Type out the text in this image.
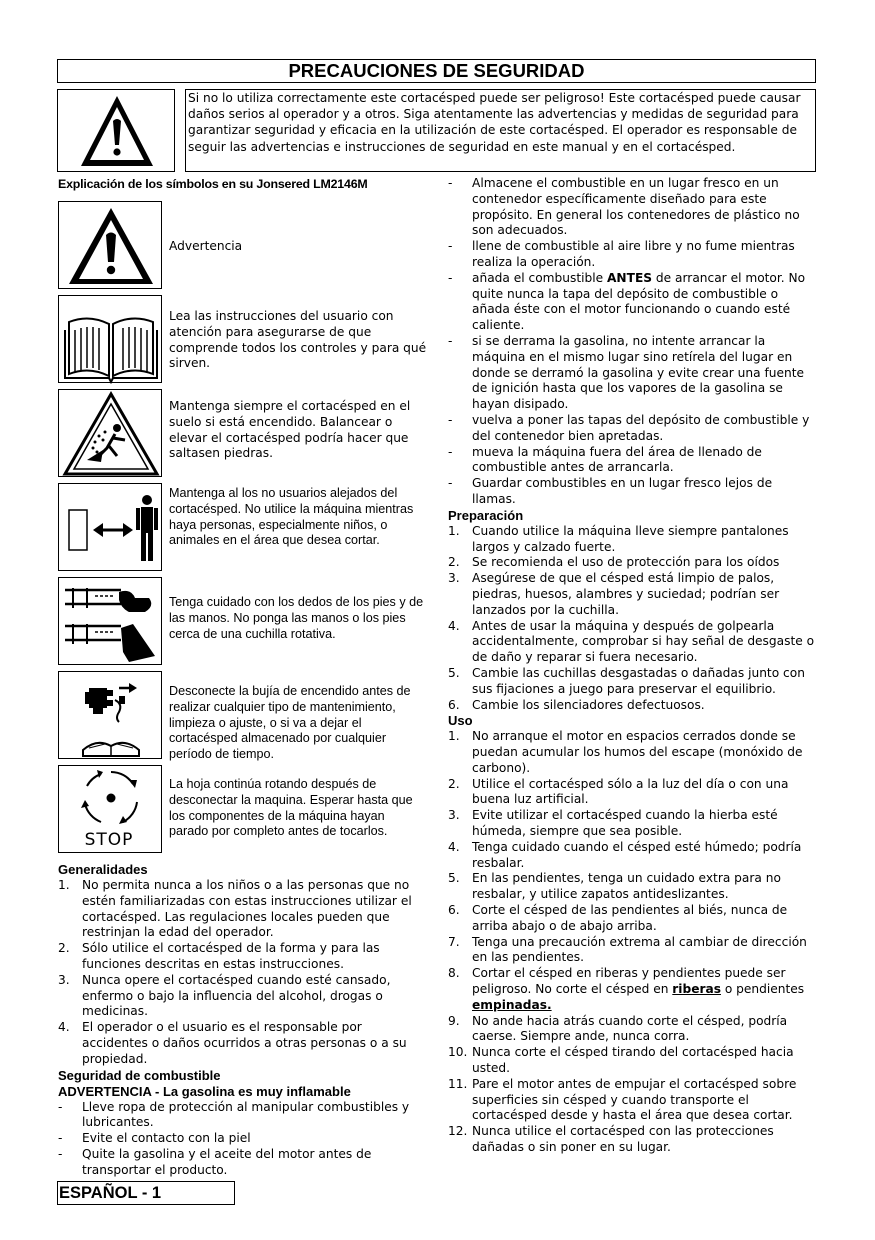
PRECAUCIONES DE SEGURIDAD
Si no lo utiliza correctamente este cortacésped puede ser peligroso! Este cortacésped puede causar daños serios al operador y a otros. Siga atentamente las advertencias y medidas de seguridad para garantizar seguridad y eficacia en la utilización de este cortacésped. El operador es responsable de seguir las advertencias e instrucciones de seguridad en este manual y en el cortacésped.
Explicación de los símbolos en su Jonsered LM2146M
Advertencia
Lea las instrucciones del usuario con atención para asegurarse de que comprende todos los controles y para qué sirven.
Mantenga siempre el cortacésped en el suelo si está encendido. Balancear o elevar el cortacésped podría hacer que saltasen piedras.
Mantenga al los no usuarios alejados del cortacésped. No utilice la máquina mientras haya personas, especialmente niños, o animales en el área que desea cortar.
Tenga cuidado con los dedos de los pies y de las manos. No ponga las manos o los pies cerca de una cuchilla rotativa.
Desconecte la bujía de encendido antes de realizar cualquier tipo de mantenimiento, limpieza o ajuste, o si va a dejar el cortacésped almacenado por cualquier período de tiempo.
STOP
La hoja continúa rotando después de desconectar la maquina. Esperar hasta que los componentes de la máquina hayan parado por completo antes de tocarlos.
Generalidades
1. No permita nunca a los niños o a las personas que no estén familiarizadas con estas instrucciones utilizar el cortacésped. Las regulaciones locales pueden que restrinjan la edad del operador.
2. Sólo utilice el cortacésped de la forma y para las funciones descritas en estas instrucciones.
3. Nunca opere el cortacésped cuando esté cansado, enfermo o bajo la influencia del alcohol, drogas o medicinas.
4. El operador o el usuario es el responsable por accidentes o daños ocurridos a otras personas o a su propiedad.
Seguridad de combustible
ADVERTENCIA - La gasolina es muy inflamable
- Lleve ropa de protección al manipular combustibles y lubricantes.
- Evite el contacto con la piel
- Quite la gasolina y el aceite del motor antes de transportar el producto.
- Almacene el combustible en un lugar fresco en un contenedor específicamente diseñado para este propósito. En general los contenedores de plástico no son adecuados.
- llene de combustible al aire libre y no fume mientras realiza la operación.
- añada el combustible ANTES de arrancar el motor. No quite nunca la tapa del depósito de combustible o añada éste con el motor funcionando o cuando esté caliente.
- si se derrama la gasolina, no intente arrancar la máquina en el mismo lugar sino retírela del lugar en donde se derramó la gasolina y evite crear una fuente de ignición hasta que los vapores de la gasolina se hayan disipado.
- vuelva a poner las tapas del depósito de combustible y del contenedor bien apretadas.
- mueva la máquina fuera del área de llenado de combustible antes de arrancarla.
- Guardar combustibles en un lugar fresco lejos de llamas.
Preparación
1. Cuando utilice la máquina lleve siempre pantalones largos y calzado fuerte.
2. Se recomienda el uso de protección para los oídos
3. Asegúrese de que el césped está limpio de palos, piedras, huesos, alambres y suciedad; podrían ser lanzados por la cuchilla.
4. Antes de usar la máquina y después de golpearla accidentalmente, comprobar si hay señal de desgaste o de daño y reparar si fuera necesario.
5. Cambie las cuchillas desgastadas o dañadas junto con sus fijaciones a juego para preservar el equilibrio.
6. Cambie los silenciadores defectuosos.
Uso
1. No arranque el motor en espacios cerrados donde se puedan acumular los humos del escape (monóxido de carbono).
2. Utilice el cortacésped sólo a la luz del día o con una buena luz artificial.
3. Evite utilizar el cortacésped cuando la hierba esté húmeda, siempre que sea posible.
4. Tenga cuidado cuando el césped esté húmedo; podría resbalar.
5. En las pendientes, tenga un cuidado extra para no resbalar, y utilice zapatos antideslizantes.
6. Corte el césped de las pendientes al biés, nunca de arriba abajo o de abajo arriba.
7. Tenga una precaución extrema al cambiar de dirección en las pendientes.
8. Cortar el césped en riberas y pendientes puede ser peligroso. No corte el césped en riberas o pendientes empinadas.
9. No ande hacia atrás cuando corte el césped, podría caerse. Siempre ande, nunca corra.
10. Nunca corte el césped tirando del cortacésped hacia usted.
11. Pare el motor antes de empujar el cortacésped sobre superficies sin césped y cuando transporte el cortacésped desde y hasta el área que desea cortar.
12. Nunca utilice el cortacésped con las protecciones dañadas o sin poner en su lugar.
ESPAÑOL - 1
